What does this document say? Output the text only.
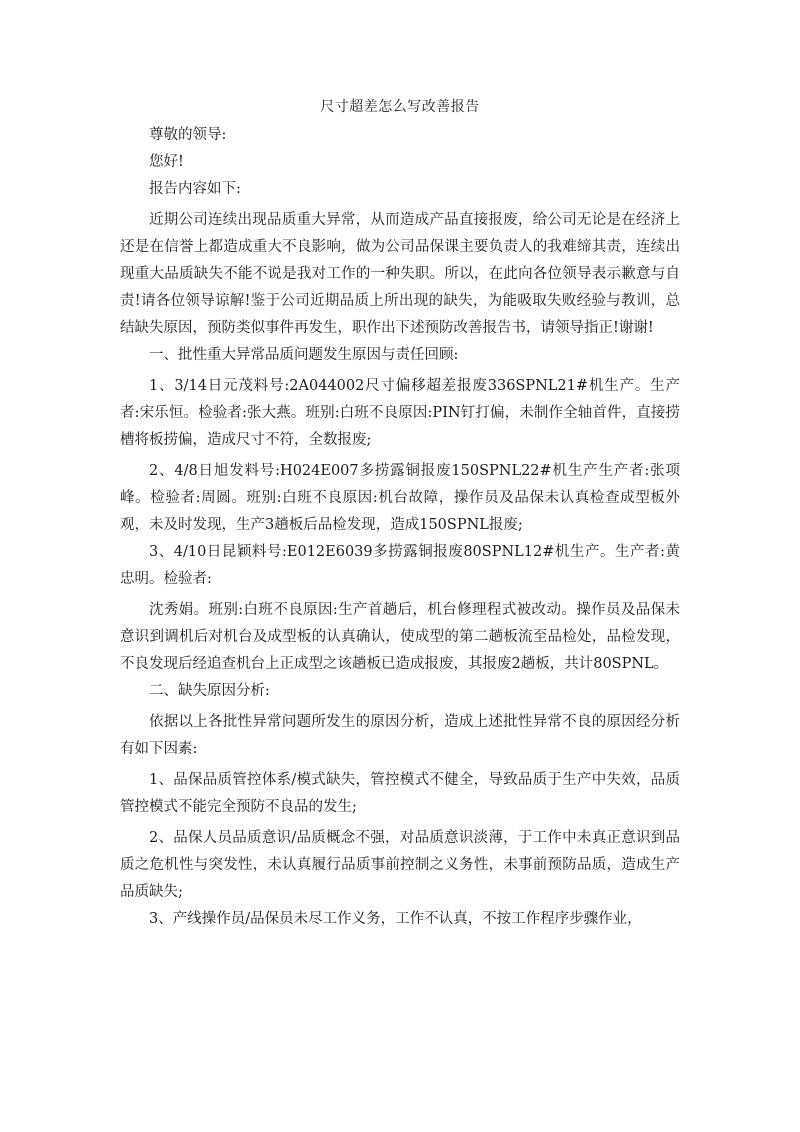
尺寸超差怎么写改善报告

尊敬的领导:

您好!

报告内容如下:

近期公司连续出现品质重大异常，从而造成产品直接报废，给公司无论是在经济上还是在信誉上都造成重大不良影响，做为公司品保课主要负责人的我难缔其责，连续出现重大品质缺失不能不说是我对工作的一种失职。所以，在此向各位领导表示歉意与自责!请各位领导谅解!鉴于公司近期品质上所出现的缺失，为能吸取失败经验与教训，总结缺失原因，预防类似事件再发生，职作出下述预防改善报告书，请领导指正!谢谢!

一、批性重大异常品质问题发生原因与责任回顾:

1、3/14日元茂料号:2A044002尺寸偏移超差报废336SPNL21#机生产。生产者:宋乐恒。检验者:张大燕。班别:白班不良原因:PIN钉打偏，未制作全轴首件，直接捞槽将板捞偏，造成尺寸不符，全数报废;

2、4/8日旭发料号:H024E007多捞露铜报废150SPNL22#机生产生产者:张项峰。检验者:周圆。班别:白班不良原因:机台故障，操作员及品保未认真检查成型板外观，未及时发现，生产3趟板后品检发现，造成150SPNL报废;

3、4/10日昆颖料号:E012E6039多捞露铜报废80SPNL12#机生产。生产者:黄忠明。检验者:

沈秀娟。班别:白班不良原因:生产首趟后，机台修理程式被改动。操作员及品保未意识到调机后对机台及成型板的认真确认，使成型的第二趟板流至品检处，品检发现，不良发现后经追查机台上正成型之该趟板已造成报废，其报废2趟板，共计80SPNL。

二、缺失原因分析:

依据以上各批性异常问题所发生的原因分析，造成上述批性异常不良的原因经分析有如下因素:

1、品保品质管控体系/模式缺失，管控模式不健全，导致品质于生产中失效，品质管控模式不能完全预防不良品的发生;

2、品保人员品质意识/品质概念不强，对品质意识淡薄，于工作中未真正意识到品质之危机性与突发性，未认真履行品质事前控制之义务性，未事前预防品质，造成生产品质缺失;

3、产线操作员/品保员未尽工作义务，工作不认真，不按工作程序步骤作业，
